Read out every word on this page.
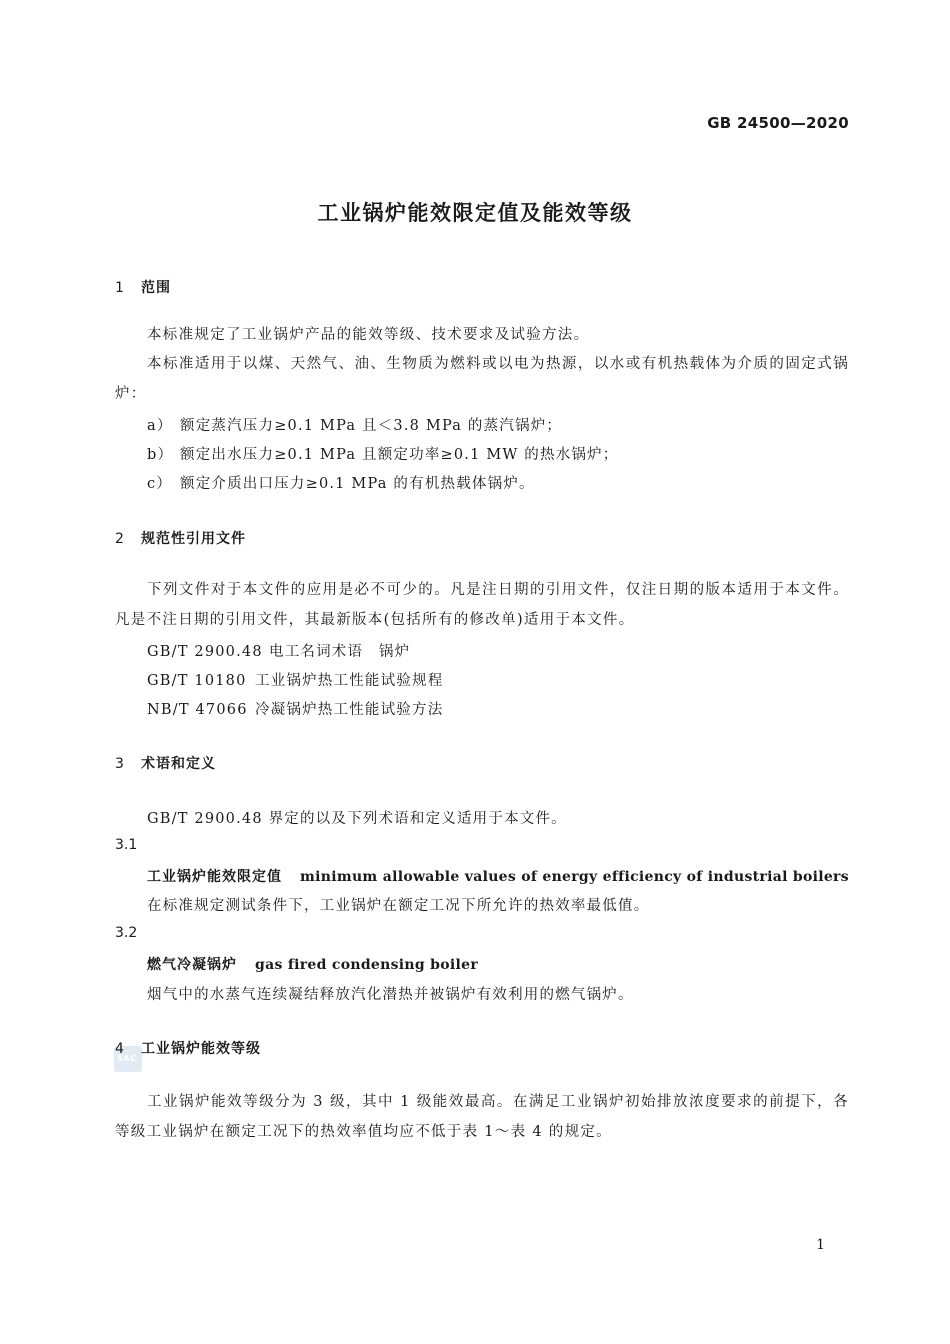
GB 24500—2020
工业锅炉能效限定值及能效等级
1 范围
本标准规定了工业锅炉产品的能效等级、技术要求及试验方法。
本标准适用于以煤、天然气、油、生物质为燃料或以电为热源，以水或有机热载体为介质的固定式锅炉：
a） 额定蒸汽压力≥0.1 MPa 且＜3.8 MPa 的蒸汽锅炉；
b） 额定出水压力≥0.1 MPa 且额定功率≥0.1 MW 的热水锅炉；
c） 额定介质出口压力≥0.1 MPa 的有机热载体锅炉。
2 规范性引用文件
下列文件对于本文件的应用是必不可少的。凡是注日期的引用文件，仅注日期的版本适用于本文件。凡是不注日期的引用文件，其最新版本(包括所有的修改单)适用于本文件。
GB/T 2900.48 电工名词术语　锅炉
GB/T 10180 工业锅炉热工性能试验规程
NB/T 47066 冷凝锅炉热工性能试验方法
3 术语和定义
GB/T 2900.48 界定的以及下列术语和定义适用于本文件。
3.1
工业锅炉能效限定值 minimum allowable values of energy efficiency of industrial boilers
在标准规定测试条件下，工业锅炉在额定工况下所允许的热效率最低值。
3.2
燃气冷凝锅炉 gas fired condensing boiler
烟气中的水蒸气连续凝结释放汽化潜热并被锅炉有效利用的燃气锅炉。
SAC
4 工业锅炉能效等级
工业锅炉能效等级分为 3 级，其中 1 级能效最高。在满足工业锅炉初始排放浓度要求的前提下，各等级工业锅炉在额定工况下的热效率值均应不低于表 1～表 4 的规定。
1
